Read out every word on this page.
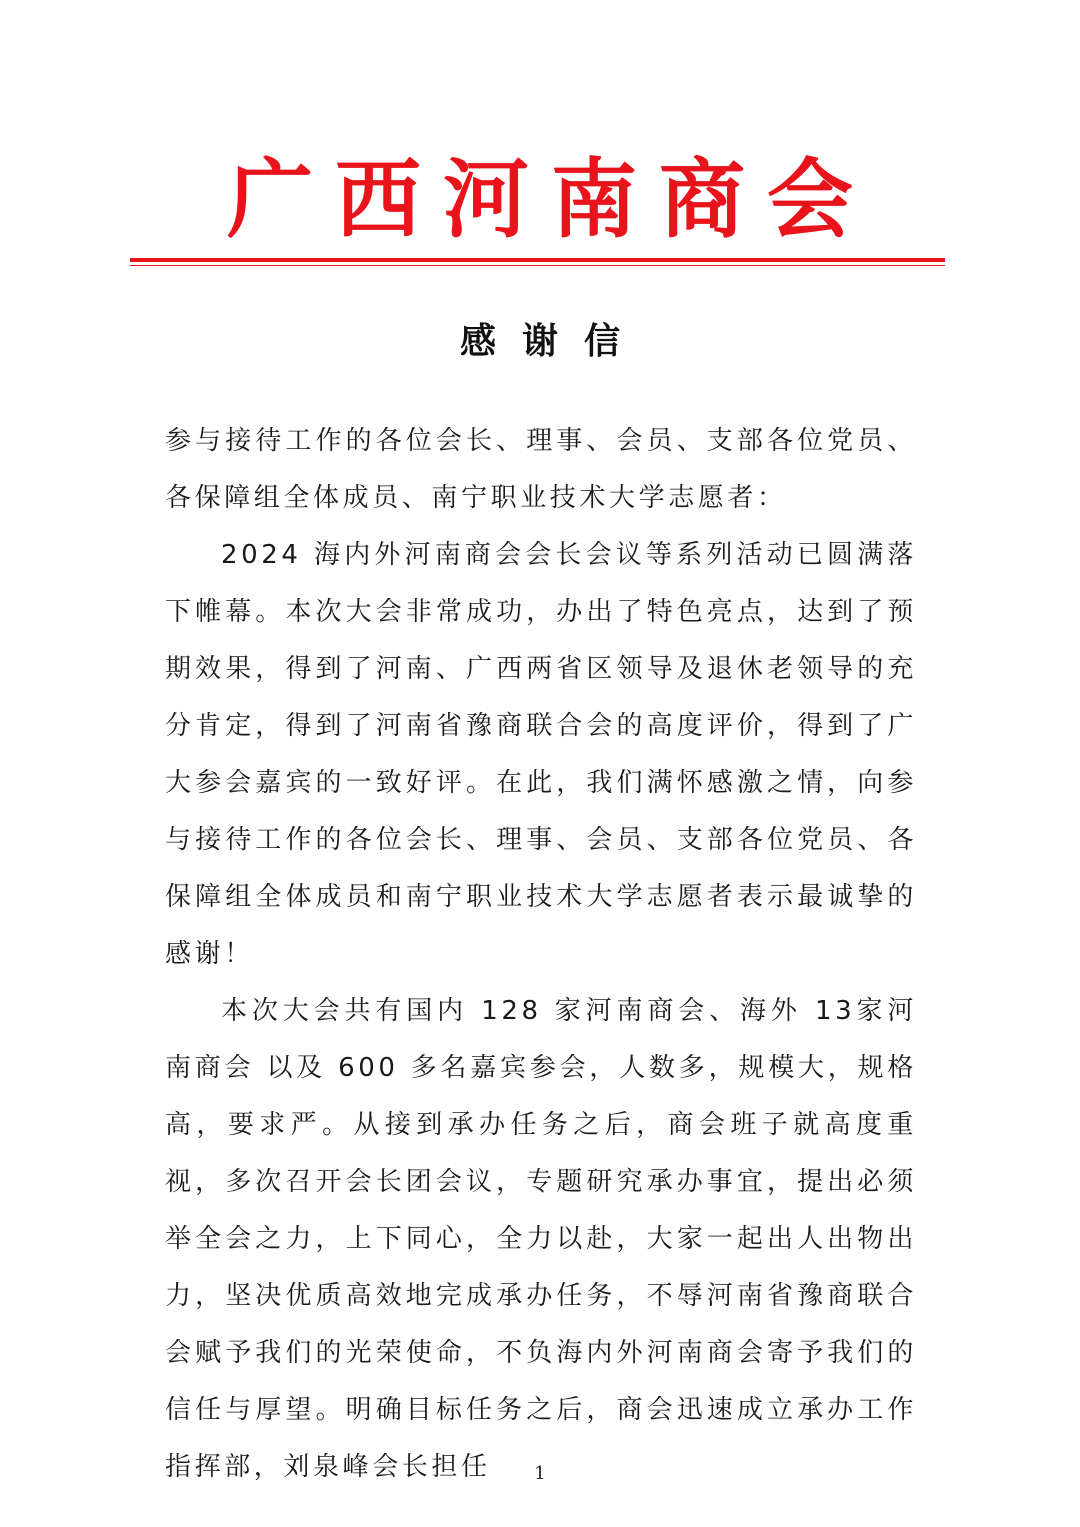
广西河南商会
感谢信

参与接待工作的各位会长、理事、会员、支部各位党员、各保障组全体成员、南宁职业技术大学志愿者：

2024 海内外河南商会会长会议等系列活动已圆满落下帷幕。本次大会非常成功，办出了特色亮点，达到了预期效果，得到了河南、广西两省区领导及退休老领导的充分肯定，得到了河南省豫商联合会的高度评价，得到了广大参会嘉宾的一致好评。在此，我们满怀感激之情，向参与接待工作的各位会长、理事、会员、支部各位党员、各保障组全体成员和南宁职业技术大学志愿者表示最诚挚的感谢！

本次大会共有国内 128 家河南商会、海外 13家河南商会 以及 600 多名嘉宾参会，人数多，规模大，规格高，要求严。从接到承办任务之后，商会班子就高度重视，多次召开会长团会议，专题研究承办事宜，提出必须举全会之力，上下同心，全力以赴，大家一起出人出物出力，坚决优质高效地完成承办任务，不辱河南省豫商联合会赋予我们的光荣使命，不负海内外河南商会寄予我们的信任与厚望。明确目标任务之后，商会迅速成立承办工作指挥部，刘泉峰会长担任	1
